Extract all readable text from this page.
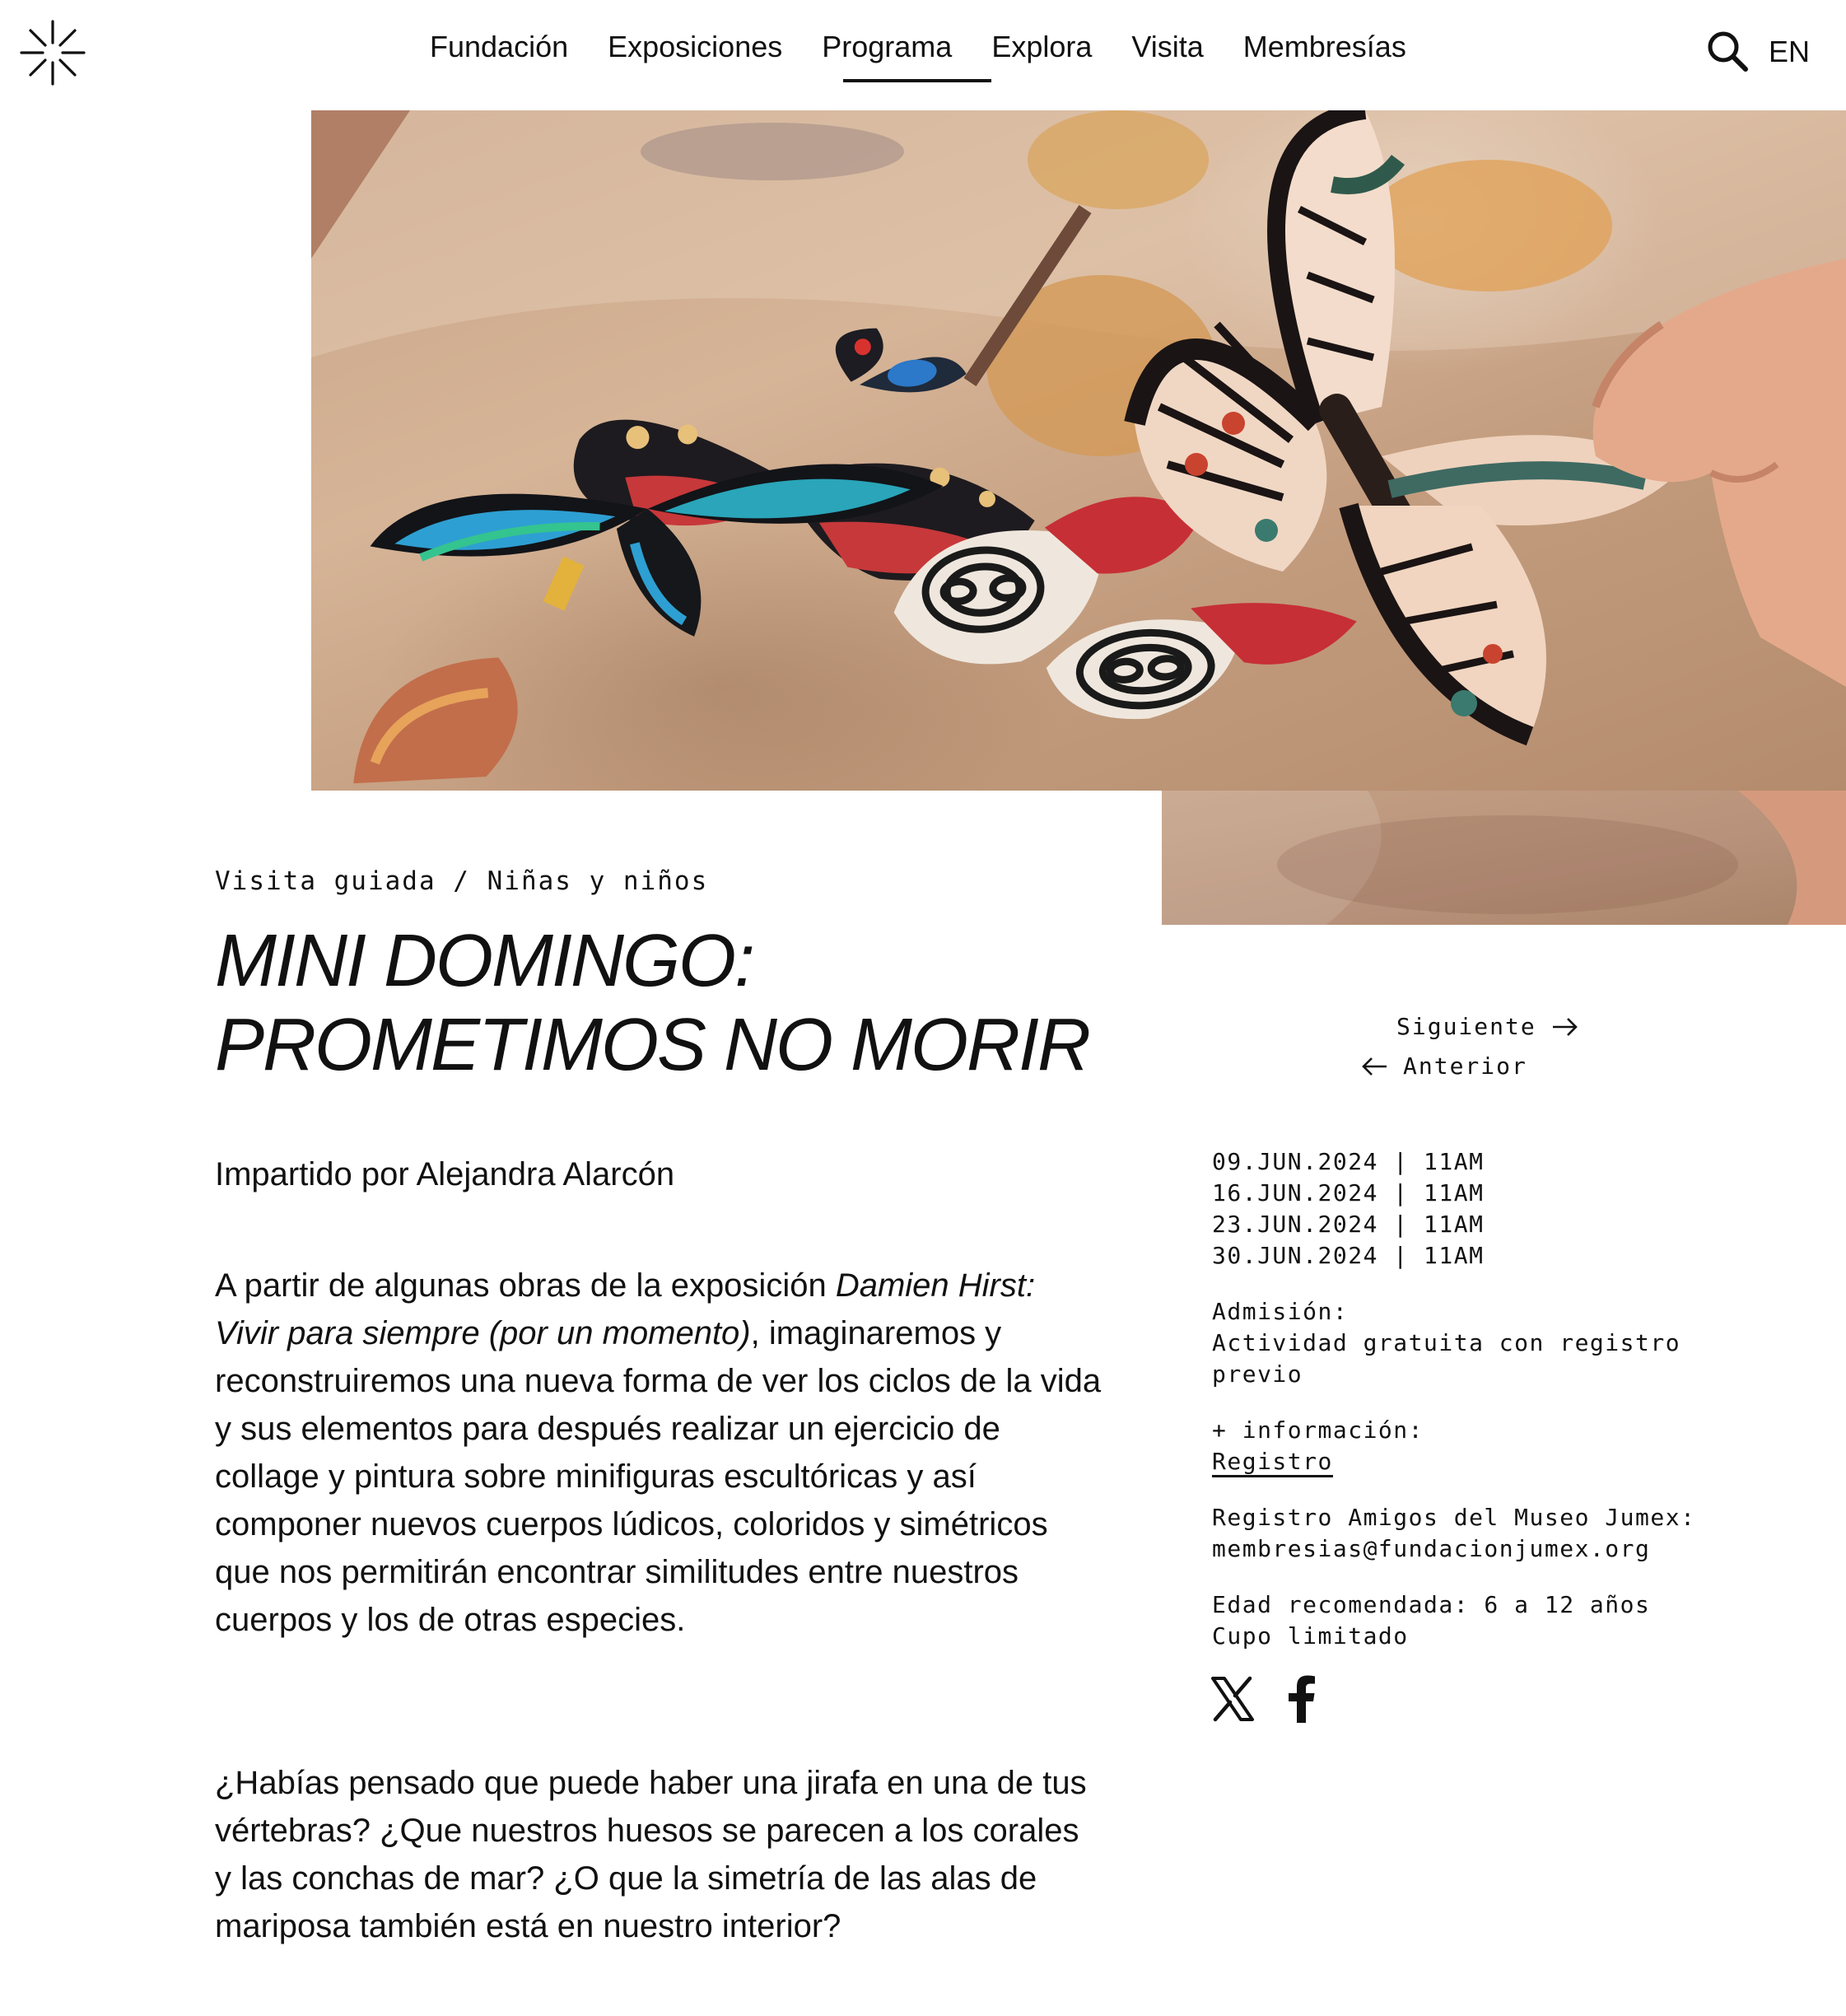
Fundación	Exposiciones	Programa	Explora	Visita	Membresías	EN
Visita guiada / Niñas y niños
MINI DOMINGO:
PROMETIMOS NO MORIR
Impartido por Alejandra Alarcón

A partir de algunas obras de la exposición Damien Hirst: Vivir para siempre (por un momento), imaginaremos y reconstruiremos una nueva forma de ver los ciclos de la vida y sus elementos para después realizar un ejercicio de collage y pintura sobre minifiguras escultóricas y así componer nuevos cuerpos lúdicos, coloridos y simétricos que nos permitirán encontrar similitudes entre nuestros cuerpos y los de otras especies.

¿Habías pensado que puede haber una jirafa en una de tus vértebras? ¿Que nuestros huesos se parecen a los corales y las conchas de mar? ¿O que la simetría de las alas de mariposa también está en nuestro interior?

Siguiente
Anterior
09.JUN.2024 | 11AM
16.JUN.2024 | 11AM
23.JUN.2024 | 11AM
30.JUN.2024 | 11AM
Admisión:
Actividad gratuita con registro
previo
+ información:
Registro
Registro Amigos del Museo Jumex:
membresias@fundacionjumex.org
Edad recomendada: 6 a 12 años
Cupo limitado
